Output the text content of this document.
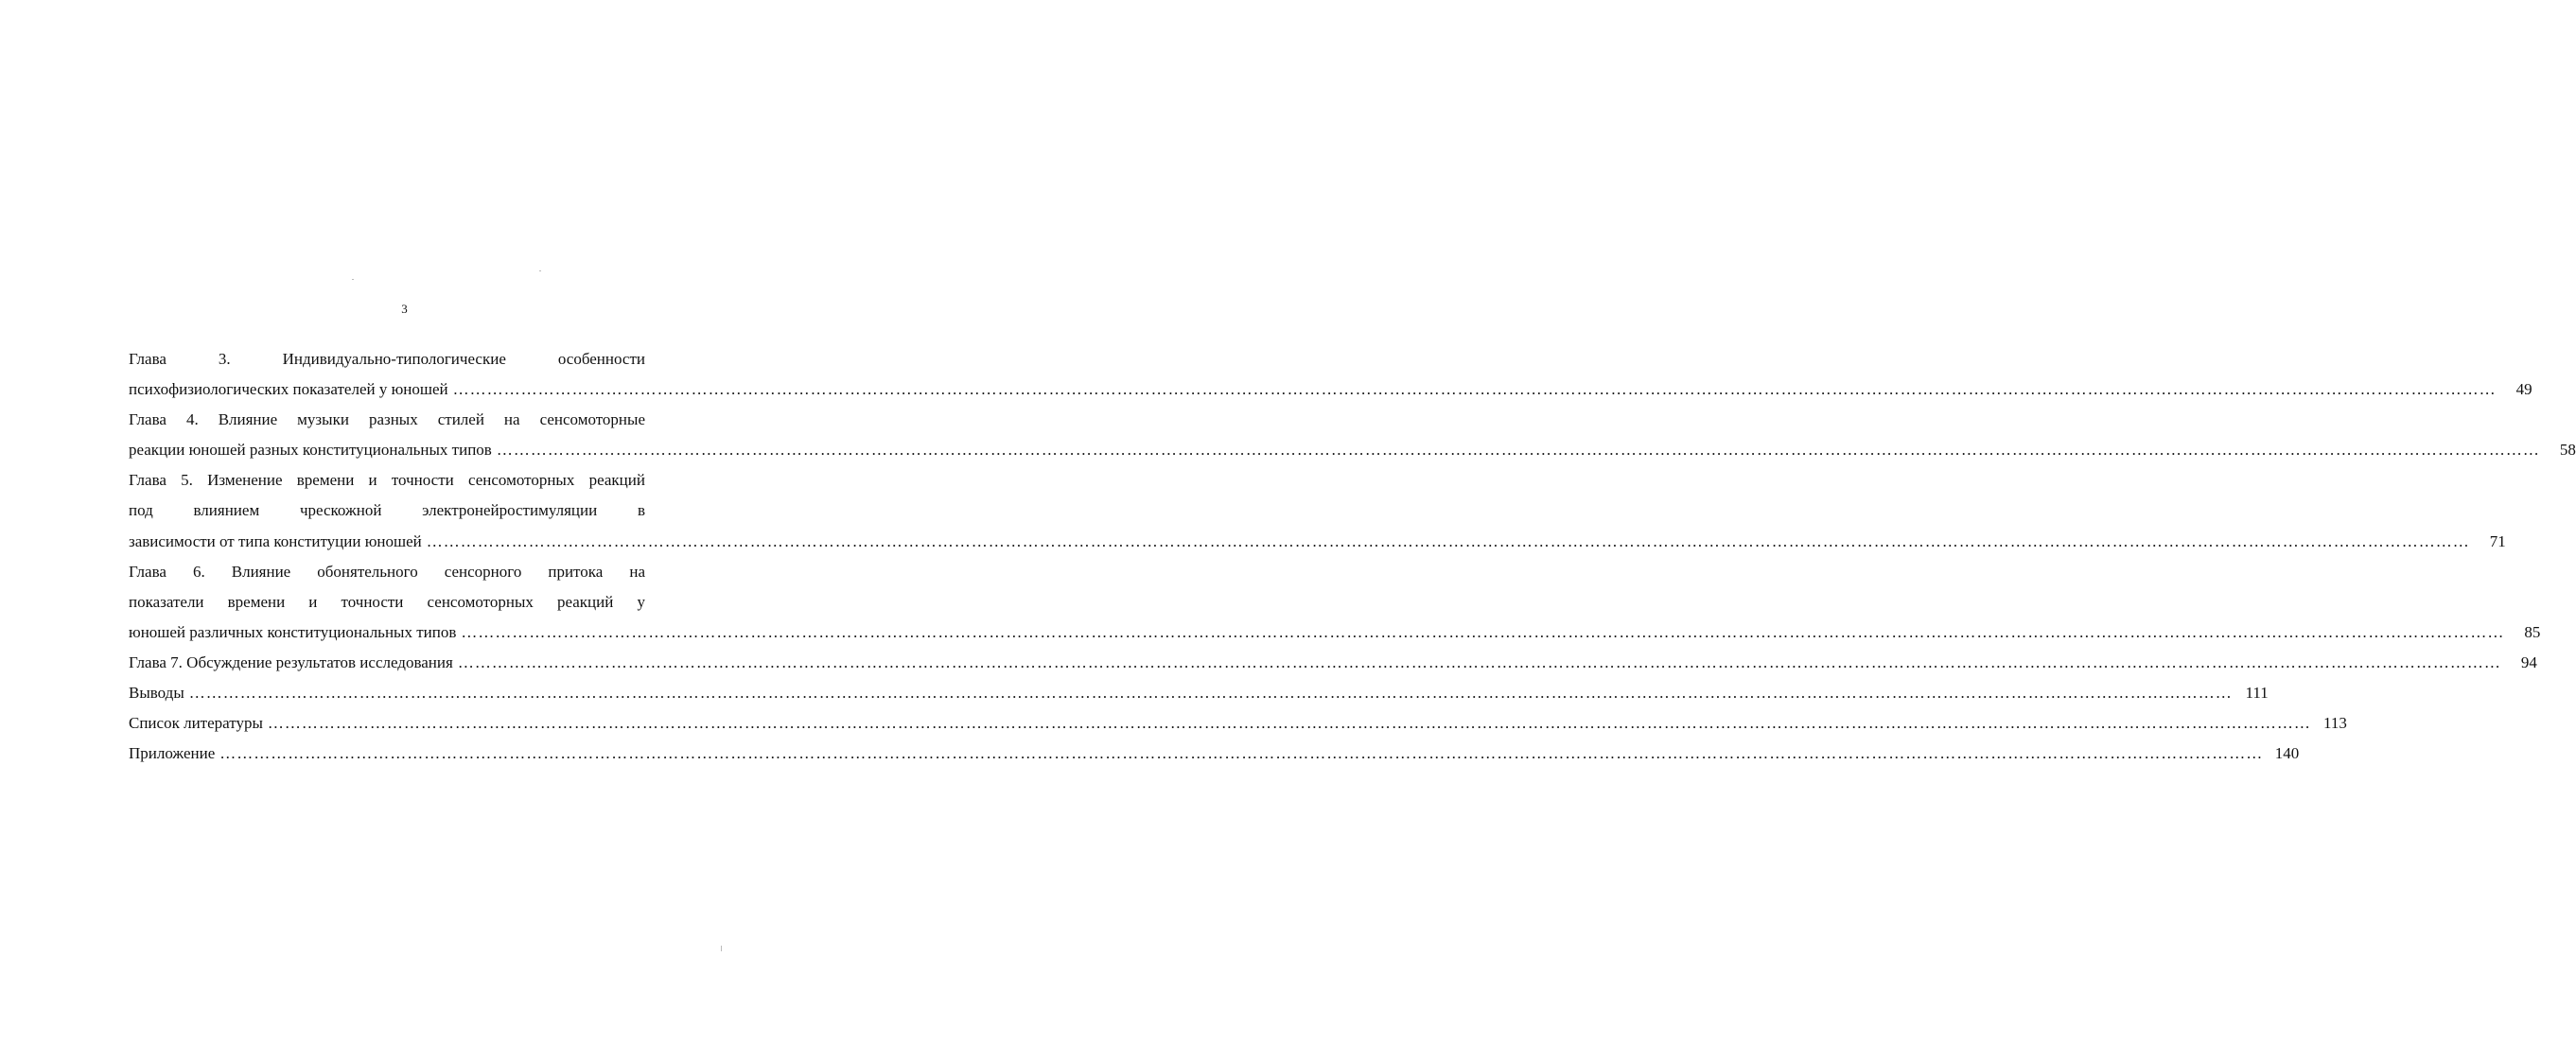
3
Глава	3.	Индивидуально-типологические	особенности
психофизиологических показателей у юношей ………………………………………………………………………………………………………………………………………………………………………………………………………………………………………………………………………………………………………………………………	49
Глава 4. Влияние музыки разных стилей на сенсомоторные
реакции юношей разных конституциональных типов ………………………………………………………………………………………………………………………………………………………………………………………………………………………………………………………………………………………………………………………………	58
Глава 5. Изменение времени и точности сенсомоторных реакций
под	влиянием	чрескожной	электронейростимуляции	в
зависимости от типа конституции юношей ………………………………………………………………………………………………………………………………………………………………………………………………………………………………………………………………………………………………………………………………	71
Глава 6. Влияние обонятельного сенсорного притока на
показатели времени и точности сенсомоторных реакций у
юношей различных конституциональных типов ………………………………………………………………………………………………………………………………………………………………………………………………………………………………………………………………………………………………………………………………	85
Глава 7. Обсуждение результатов исследования ………………………………………………………………………………………………………………………………………………………………………………………………………………………………………………………………………………………………………………………………	94
Выводы ……………………………………………………………………………………………………………………………………………………………………………………………………………………………………………………………………………………………………………………………… 111
Список литературы ……………………………………………………………………………………………………………………………………………………………………………………………………………………………………………………………………………………………………………………………… 113
Приложение ……………………………………………………………………………………………………………………………………………………………………………………………………………………………………………………………………………………………………………………………… 140
